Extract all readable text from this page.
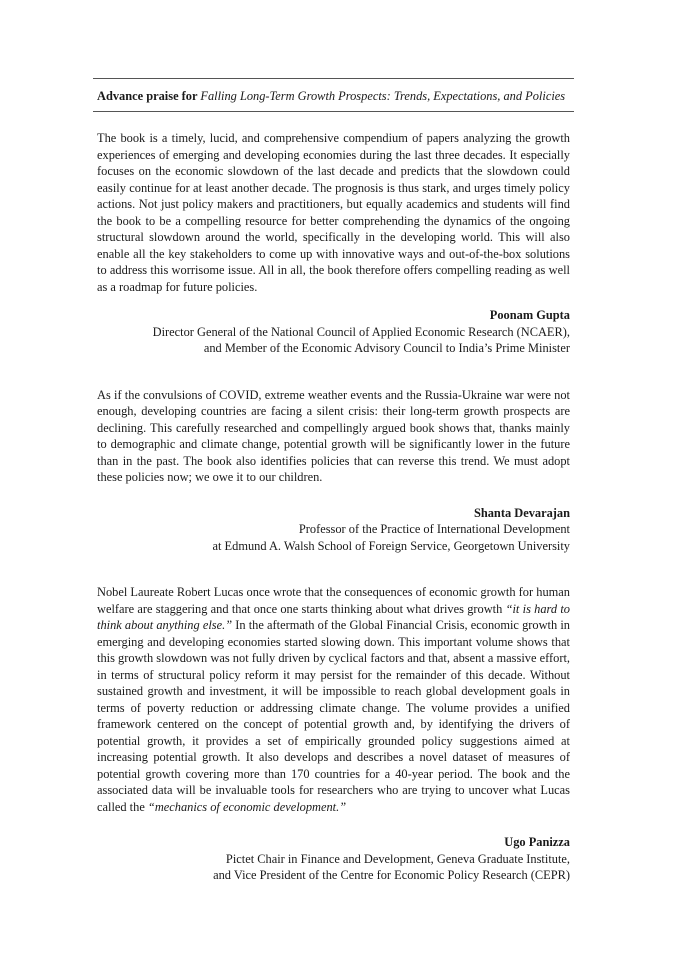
Advance praise for Falling Long-Term Growth Prospects: Trends, Expectations, and Policies

The book is a timely, lucid, and comprehensive compendium of papers analyzing the growth experiences of emerging and developing economies during the last three decades. It especially focuses on the economic slowdown of the last decade and predicts that the slowdown could easily continue for at least another decade. The prognosis is thus stark, and urges timely policy actions. Not just policy makers and practitioners, but equally academics and students will find the book to be a compelling resource for better comprehending the dynamics of the ongoing structural slowdown around the world, specifically in the developing world. This will also enable all the key stakeholders to come up with innovative ways and out-of-the-box solutions to address this worrisome issue. All in all, the book therefore offers compelling reading as well as a roadmap for future policies.

Poonam Gupta
Director General of the National Council of Applied Economic Research (NCAER),
and Member of the Economic Advisory Council to India’s Prime Minister

As if the convulsions of COVID, extreme weather events and the Russia-Ukraine war were not enough, developing countries are facing a silent crisis: their long-term growth prospects are declining. This carefully researched and compellingly argued book shows that, thanks mainly to demographic and climate change, potential growth will be significantly lower in the future than in the past. The book also identifies policies that can reverse this trend. We must adopt these policies now; we owe it to our children.

Shanta Devarajan
Professor of the Practice of International Development
at Edmund A. Walsh School of Foreign Service, Georgetown University

Nobel Laureate Robert Lucas once wrote that the consequences of economic growth for human welfare are staggering and that once one starts thinking about what drives growth “it is hard to think about anything else.” In the aftermath of the Global Financial Crisis, economic growth in emerging and developing economies started slowing down. This important volume shows that this growth slowdown was not fully driven by cyclical factors and that, absent a massive effort, in terms of structural policy reform it may persist for the remainder of this decade. Without sustained growth and investment, it will be impossible to reach global development goals in terms of poverty reduction or addressing climate change. The volume provides a unified framework centered on the concept of potential growth and, by identifying the drivers of potential growth, it provides a set of empirically grounded policy suggestions aimed at increasing potential growth. It also develops and describes a novel dataset of measures of potential growth covering more than 170 countries for a 40-year period. The book and the associated data will be invaluable tools for researchers who are trying to uncover what Lucas called the “mechanics of economic development.”

Ugo Panizza
Pictet Chair in Finance and Development, Geneva Graduate Institute,
and Vice President of the Centre for Economic Policy Research (CEPR)
